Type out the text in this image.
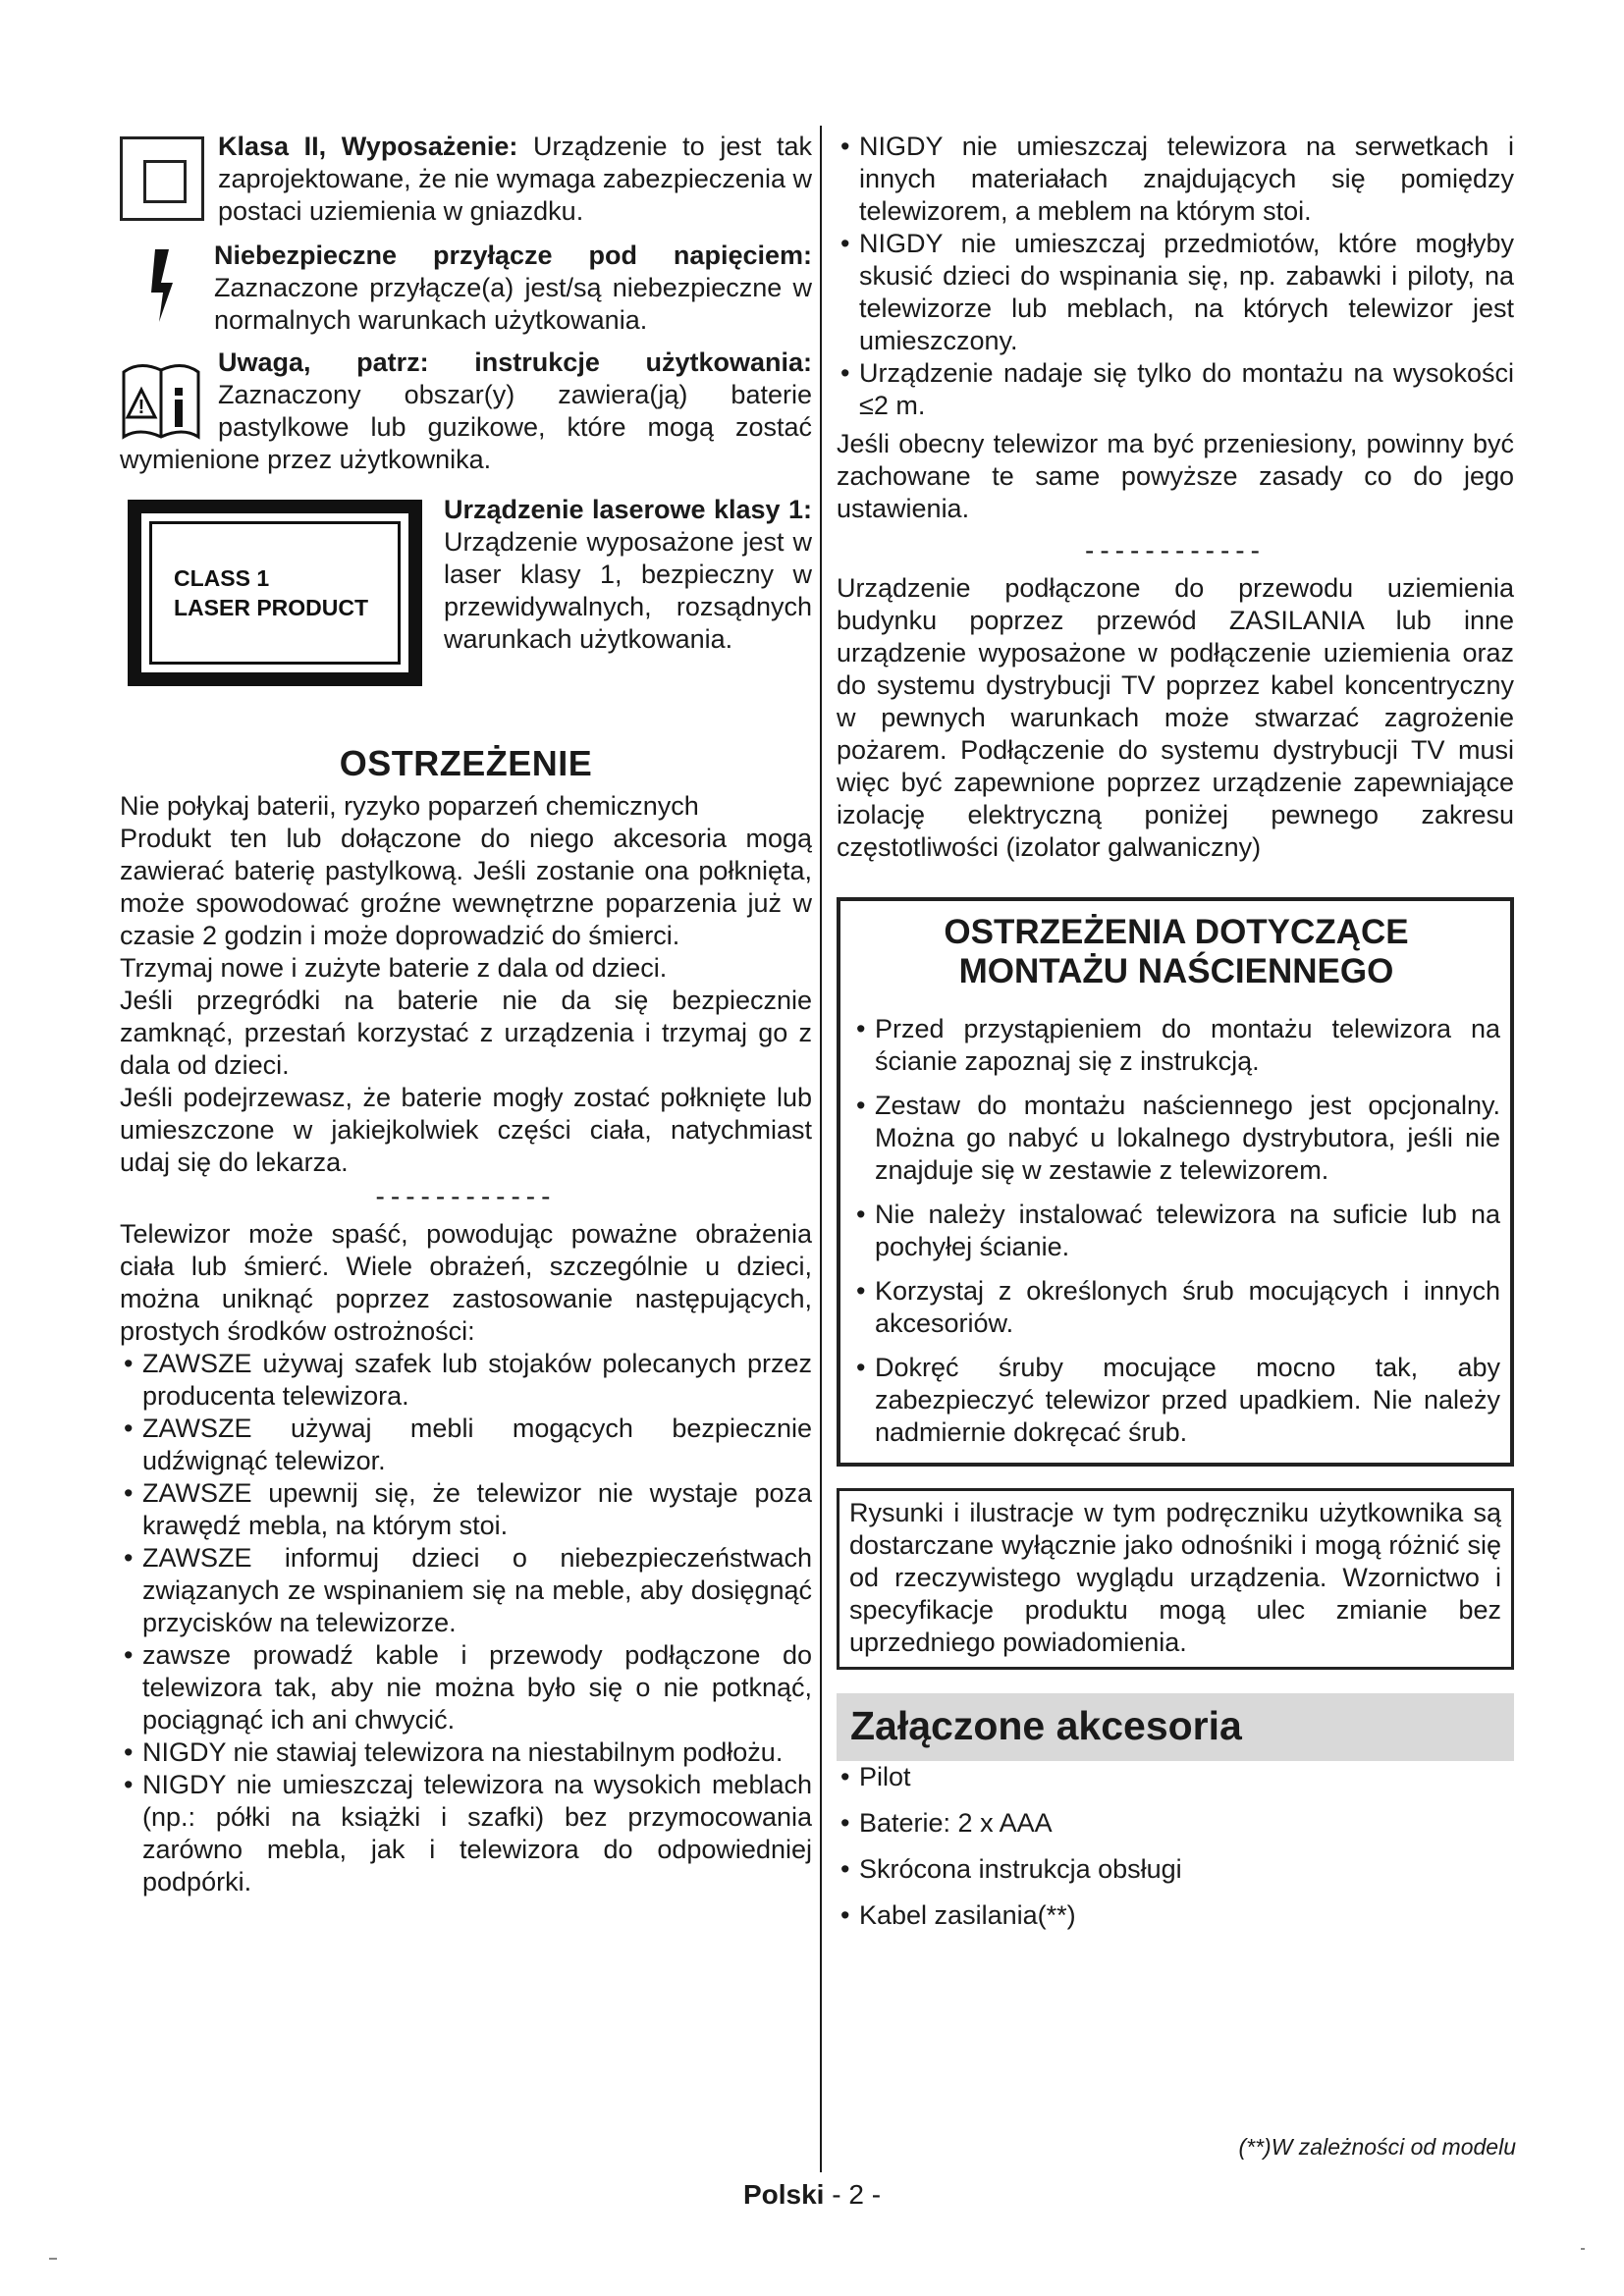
Klasa II, Wyposażenie: Urządzenie to jest tak zaprojektowane, że nie wymaga zabezpieczenia w postaci uziemienia w gniazdku.

Niebezpieczne przyłącze pod napięciem: Zaznaczone przyłącze(a) jest/są niebezpieczne w normalnych warunkach użytkowania.

!

Uwaga, patrz: instrukcje użytkowania: Zaznaczony obszar(y) zawiera(ją) baterie pastylkowe lub guzikowe, które mogą zostać wymienione przez użytkownika.

CLASS 1
LASER PRODUCT

Urządzenie laserowe klasy 1: Urządzenie wyposażone jest w laser klasy 1, bezpieczny w przewidywalnych, rozsądnych warunkach użytkowania.

OSTRZEŻENIE

Nie połykaj baterii, ryzyko poparzeń chemicznych

Produkt ten lub dołączone do niego akcesoria mogą zawierać baterię pastylkową. Jeśli zostanie ona połknięta, może spowodować groźne wewnętrzne poparzenia już w czasie 2 godzin i może doprowadzić do śmierci.

Trzymaj nowe i zużyte baterie z dala od dzieci.

Jeśli przegródki na baterie nie da się bezpiecznie zamknąć, przestań korzystać z urządzenia i trzymaj go z dala od dzieci.

Jeśli podejrzewasz, że baterie mogły zostać połknięte lub umieszczone w jakiejkolwiek części ciała, natychmiast udaj się do lekarza.

------------

Telewizor może spaść, powodując poważne obrażenia ciała lub śmierć. Wiele obrażeń, szczególnie u dzieci, można uniknąć poprzez zastosowanie następujących, prostych środków ostrożności:

• ZAWSZE używaj szafek lub stojaków polecanych przez producenta telewizora.
• ZAWSZE używaj mebli mogących bezpiecznie udźwignąć telewizor.
• ZAWSZE upewnij się, że telewizor nie wystaje poza krawędź mebla, na którym stoi.
• ZAWSZE informuj dzieci o niebezpieczeństwach związanych ze wspinaniem się na meble, aby dosięgnąć przycisków na telewizorze.
• zawsze prowadź kable i przewody podłączone do telewizora tak, aby nie można było się o nie potknąć, pociągnąć ich ani chwycić.
• NIGDY nie stawiaj telewizora na niestabilnym podłożu.
• NIGDY nie umieszczaj telewizora na wysokich meblach (np.: półki na książki i szafki) bez przymocowania zarówno mebla, jak i telewizora do odpowiedniej podpórki.
• NIGDY nie umieszczaj telewizora na serwetkach i innych materiałach znajdujących się pomiędzy telewizorem, a meblem na którym stoi.
• NIGDY nie umieszczaj przedmiotów, które mogłyby skusić dzieci do wspinania się, np. zabawki i piloty, na telewizorze lub meblach, na których telewizor jest umieszczony.
• Urządzenie nadaje się tylko do montażu na wysokości ≤2 m.

Jeśli obecny telewizor ma być przeniesiony, powinny być zachowane te same powyższe zasady co do jego ustawienia.

------------

Urządzenie podłączone do przewodu uziemienia budynku poprzez przewód ZASILANIA lub inne urządzenie wyposażone w podłączenie uziemienia oraz do systemu dystrybucji TV poprzez kabel koncentryczny w pewnych warunkach może stwarzać zagrożenie pożarem. Podłączenie do systemu dystrybucji TV musi więc być zapewnione poprzez urządzenie zapewniające izolację elektryczną poniżej pewnego zakresu częstotliwości (izolator galwaniczny)

OSTRZEŻENIA DOTYCZĄCE
MONTAŻU NAŚCIENNEGO
• Przed przystąpieniem do montażu telewizora na ścianie zapoznaj się z instrukcją.
• Zestaw do montażu naściennego jest opcjonalny. Można go nabyć u lokalnego dystrybutora, jeśli nie znajduje się w zestawie z telewizorem.
• Nie należy instalować telewizora na suficie lub na pochyłej ścianie.
• Korzystaj z określonych śrub mocujących i innych akcesoriów.
• Dokręć śruby mocujące mocno tak, aby zabezpieczyć telewizor przed upadkiem. Nie należy nadmiernie dokręcać śrub.

Rysunki i ilustracje w tym podręczniku użytkownika są dostarczane wyłącznie jako odnośniki i mogą różnić się od rzeczywistego wyglądu urządzenia. Wzornictwo i specyfikacje produktu mogą ulec zmianie bez uprzedniego powiadomienia.

Załączone akcesoria
• Pilot
• Baterie: 2 x AAA
• Skrócona instrukcja obsługi
• Kabel zasilania(**)
(**)W zależności od modelu
Polski - 2 -
